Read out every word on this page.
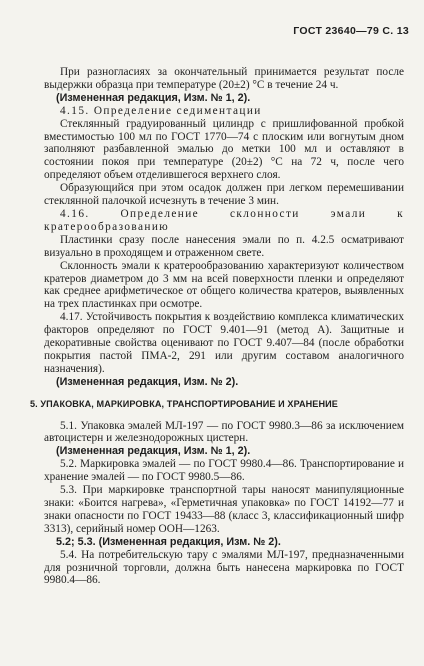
ГОСТ 23640—79 С. 13

При разногласиях за окончательный принимается результат после выдержки образца при температуре (20±2) °С в течение 24 ч.

(Измененная редакция, Изм. № 1, 2).

4.15. Определение седиментации

Стеклянный градуированный цилиндр с пришлифованной пробкой вместимостью 100 мл по ГОСТ 1770—74 с плоским или вогнутым дном заполняют разбавленной эмалью до метки 100 мл и оставляют в состоянии покоя при температуре (20±2) °С на 72 ч, после чего определяют объем отделившегося верхнего слоя.

Образующийся при этом осадок должен при легком перемешивании стеклянной палочкой исчезнуть в течение 3 мин.

4.16. Определение склонности эмали к кратерообразованию

Пластинки сразу после нанесения эмали по п. 4.2.5 осматривают визуально в проходящем и отраженном свете.

Склонность эмали к кратерообразованию характеризуют количеством кратеров диаметром до 3 мм на всей поверхности пленки и определяют как среднее арифметическое от общего количества кратеров, выявленных на трех пластинках при осмотре.

4.17. Устойчивость покрытия к воздействию комплекса климатических факторов определяют по ГОСТ 9.401—91 (метод А). Защитные и декоративные свойства оценивают по ГОСТ 9.407—84 (после обработки покрытия пастой ПМА-2, 291 или другим составом аналогичного назначения).

(Измененная редакция, Изм. № 2).

5. УПАКОВКА, МАРКИРОВКА, ТРАНСПОРТИРОВАНИЕ И ХРАНЕНИЕ

5.1. Упаковка эмалей МЛ-197 — по ГОСТ 9980.3—86 за исключением автоцистерн и железнодорожных цистерн.

(Измененная редакция, Изм. № 1, 2).

5.2. Маркировка эмалей — по ГОСТ 9980.4—86. Транспортирование и хранение эмалей — по ГОСТ 9980.5—86.

5.3. При маркировке транспортной тары наносят манипуляционные знаки: «Боится нагрева», «Герметичная упаковка» по ГОСТ 14192—77 и знаки опасности по ГОСТ 19433—88 (класс 3, классификационный шифр 3313), серийный номер ООН—1263.

5.2; 5.3. (Измененная редакция, Изм. № 2).

5.4. На потребительскую тару с эмалями МЛ-197, предназначенными для розничной торговли, должна быть нанесена маркировка по ГОСТ 9980.4—86.
